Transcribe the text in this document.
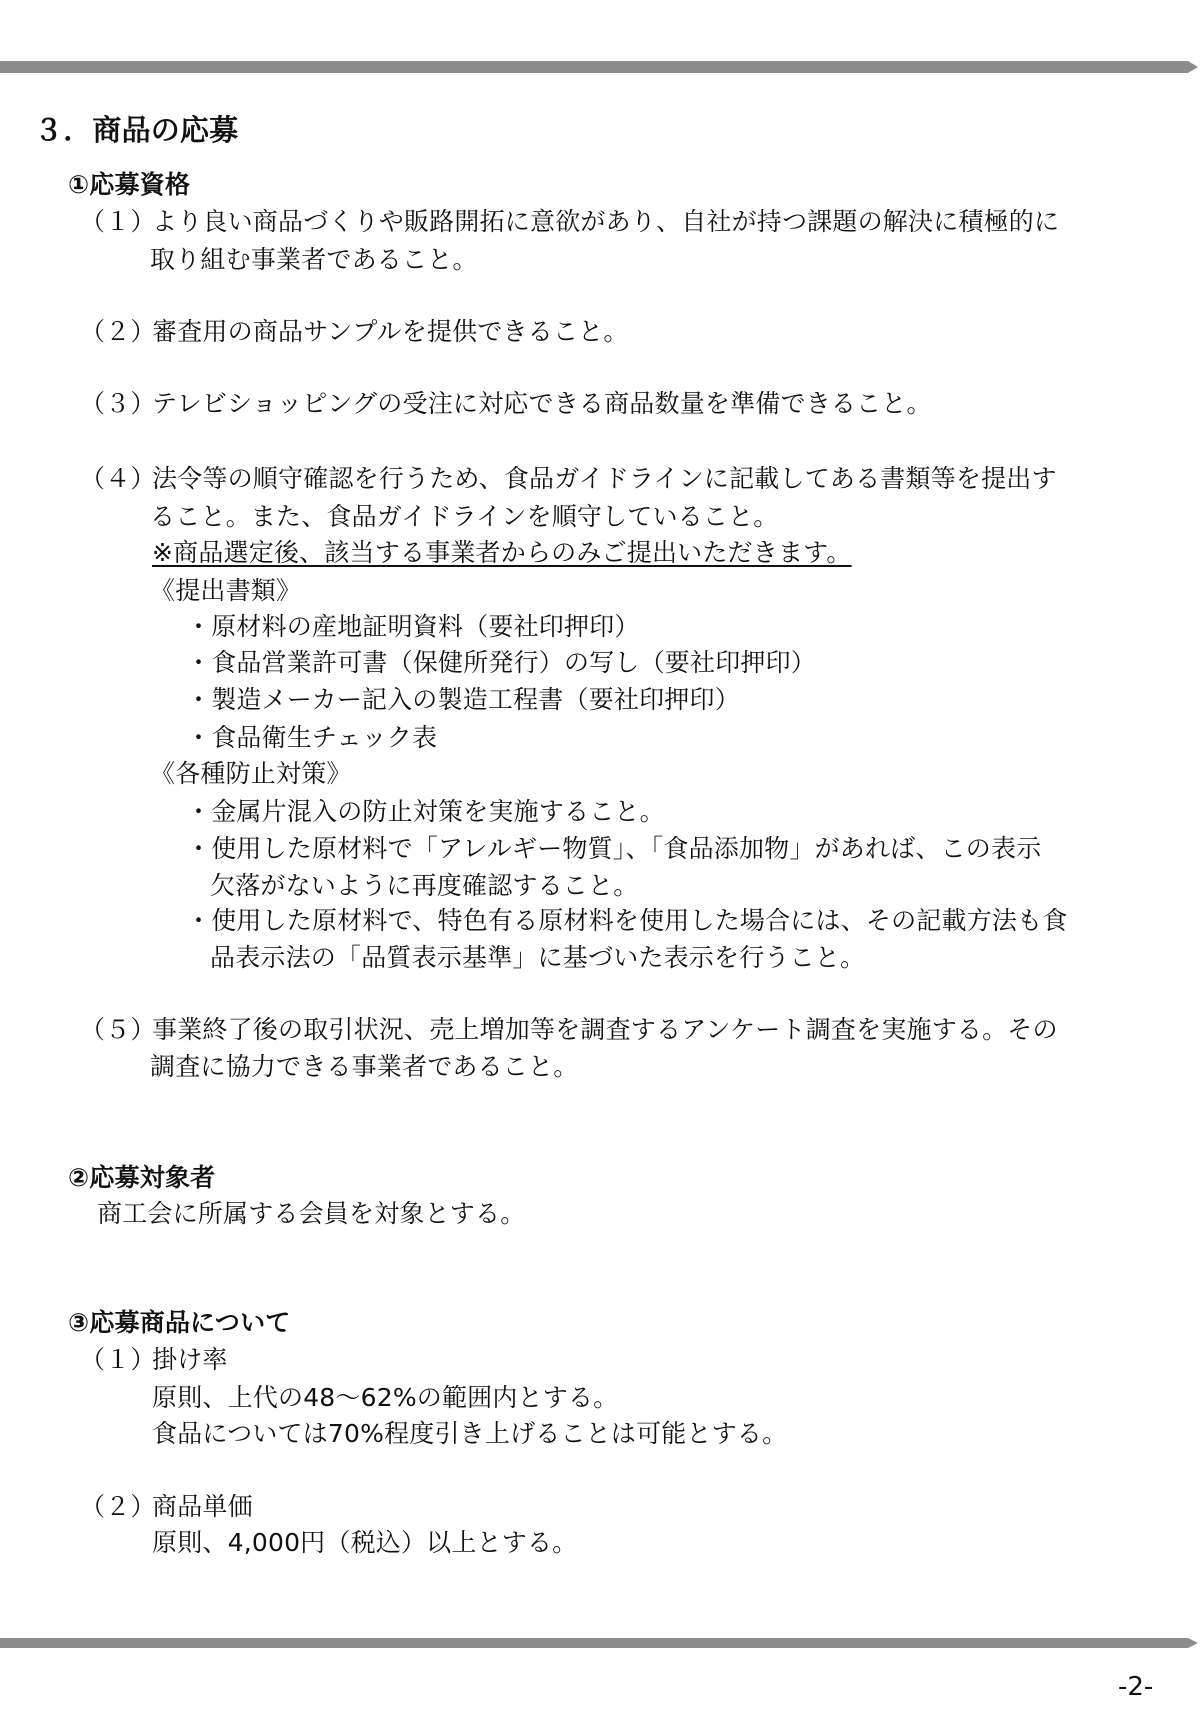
３．商品の応募
①応募資格
（１）
より良い商品づくりや販路開拓に意欲があり、自社が持つ課題の解決に積極的に
取り組む事業者であること。
（２）
審査用の商品サンプルを提供できること。
（３）
テレビショッピングの受注に対応できる商品数量を準備できること。
（４）
法令等の順守確認を行うため、食品ガイドラインに記載してある書類等を提出す
ること。また、食品ガイドラインを順守していること。
※商品選定後、該当する事業者からのみご提出いただきます。
《提出書類》
・原材料の産地証明資料（要社印押印）
・食品営業許可書（保健所発行）の写し（要社印押印）
・製造メーカー記入の製造工程書（要社印押印）
・食品衛生チェック表
《各種防止対策》
・金属片混入の防止対策を実施すること。
・使用した原材料で「アレルギー物質」、「食品添加物」があれば、この表示
欠落がないように再度確認すること。
・使用した原材料で、特色有る原材料を使用した場合には、その記載方法も食
品表示法の「品質表示基準」に基づいた表示を行うこと。
（５）
事業終了後の取引状況、売上増加等を調査するアンケート調査を実施する。その
調査に協力できる事業者であること。
②応募対象者
商工会に所属する会員を対象とする。
③応募商品について
（１）
掛け率
原則、上代の48～62%の範囲内とする。
食品については70%程度引き上げることは可能とする。
（２）
商品単価
原則、4,000円（税込）以上とする。
-2-
